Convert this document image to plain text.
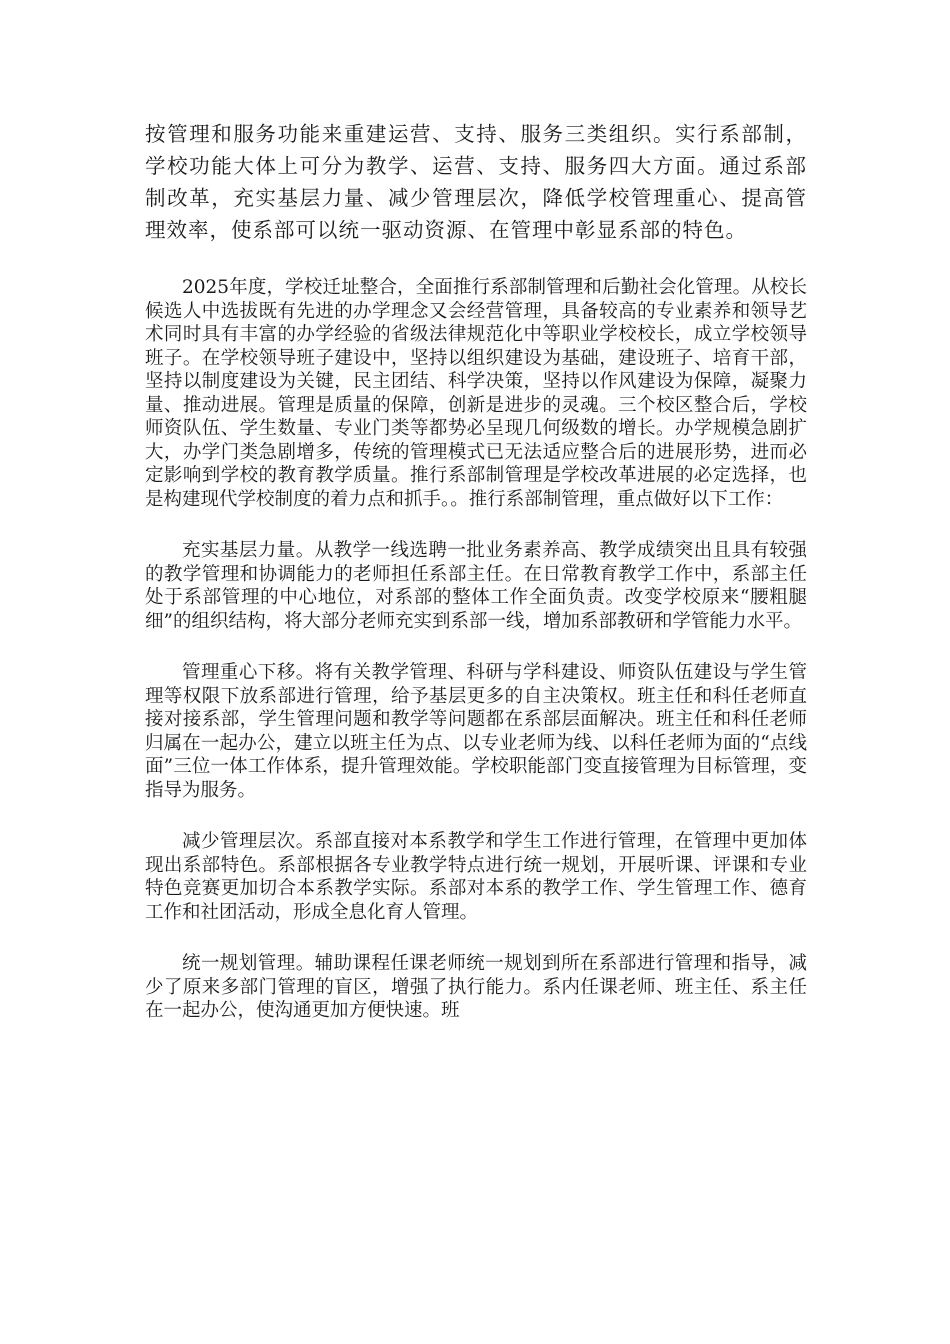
按管理和服务功能来重建运营、支持、服务三类组织。实行系部制，学校功能大体上可分为教学、运营、支持、服务四大方面。通过系部制改革，充实基层力量、减少管理层次，降低学校管理重心、提高管理效率，使系部可以统一驱动资源、在管理中彰显系部的特色。

2025年度，学校迁址整合，全面推行系部制管理和后勤社会化管理。从校长候选人中选拔既有先进的办学理念又会经营管理，具备较高的专业素养和领导艺术同时具有丰富的办学经验的省级法律规范化中等职业学校校长，成立学校领导班子。在学校领导班子建设中，坚持以组织建设为基础，建设班子、培育干部，坚持以制度建设为关键，民主团结、科学决策，坚持以作风建设为保障，凝聚力量、推动进展。管理是质量的保障，创新是进步的灵魂。三个校区整合后，学校师资队伍、学生数量、专业门类等都势必呈现几何级数的增长。办学规模急剧扩大，办学门类急剧增多，传统的管理模式已无法适应整合后的进展形势，进而必定影响到学校的教育教学质量。推行系部制管理是学校改革进展的必定选择，也是构建现代学校制度的着力点和抓手。。推行系部制管理，重点做好以下工作：

充实基层力量。从教学一线选聘一批业务素养高、教学成绩突出且具有较强的教学管理和协调能力的老师担任系部主任。在日常教育教学工作中，系部主任处于系部管理的中心地位，对系部的整体工作全面负责。改变学校原来“腰粗腿细”的组织结构，将大部分老师充实到系部一线，增加系部教研和学管能力水平。

管理重心下移。将有关教学管理、科研与学科建设、师资队伍建设与学生管理等权限下放系部进行管理，给予基层更多的自主决策权。班主任和科任老师直接对接系部，学生管理问题和教学等问题都在系部层面解决。班主任和科任老师归属在一起办公，建立以班主任为点、以专业老师为线、以科任老师为面的“点线面”三位一体工作体系，提升管理效能。学校职能部门变直接管理为目标管理，变指导为服务。

减少管理层次。系部直接对本系教学和学生工作进行管理，在管理中更加体现出系部特色。系部根据各专业教学特点进行统一规划，开展听课、评课和专业特色竞赛更加切合本系教学实际。系部对本系的教学工作、学生管理工作、德育工作和社团活动，形成全息化育人管理。

统一规划管理。辅助课程任课老师统一规划到所在系部进行管理和指导，减少了原来多部门管理的盲区，增强了执行能力。系内任课老师、班主任、系主任在一起办公，使沟通更加方便快速。班
